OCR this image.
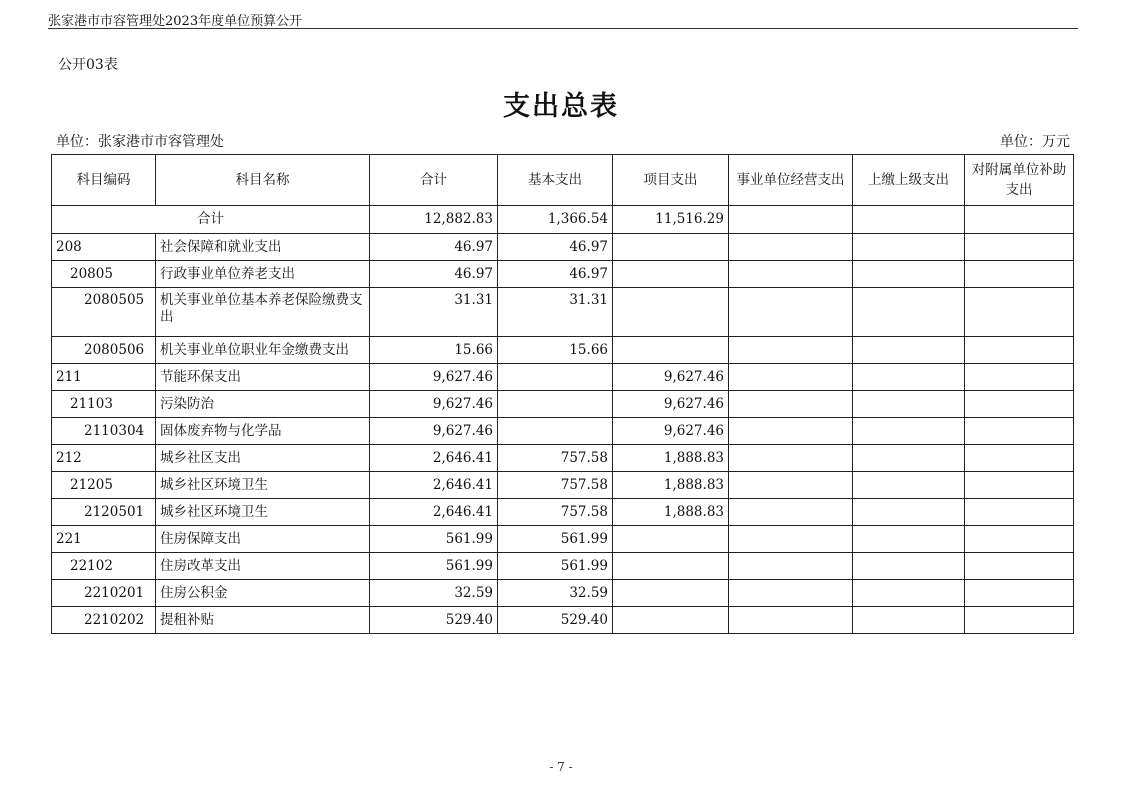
张家港市市容管理处2023年度单位预算公开
公开03表
支出总表
单位：张家港市市容管理处	单位：万元
科目编码	科目名称	合计	基本支出	项目支出	事业单位经营支出	上缴上级支出	对附属单位补助支出
合计		12,882.83	1,366.54	11,516.29			
208	社会保障和就业支出	46.97	46.97				
20805	行政事业单位养老支出	46.97	46.97				
2080505	机关事业单位基本养老保险缴费支出	31.31	31.31				
2080506	机关事业单位职业年金缴费支出	15.66	15.66				
211	节能环保支出	9,627.46		9,627.46			
21103	污染防治	9,627.46		9,627.46			
2110304	固体废弃物与化学品	9,627.46		9,627.46			
212	城乡社区支出	2,646.41	757.58	1,888.83			
21205	城乡社区环境卫生	2,646.41	757.58	1,888.83			
2120501	城乡社区环境卫生	2,646.41	757.58	1,888.83			
221	住房保障支出	561.99	561.99				
22102	住房改革支出	561.99	561.99				
2210201	住房公积金	32.59	32.59				
2210202	提租补贴	529.40	529.40				
- 7 -
